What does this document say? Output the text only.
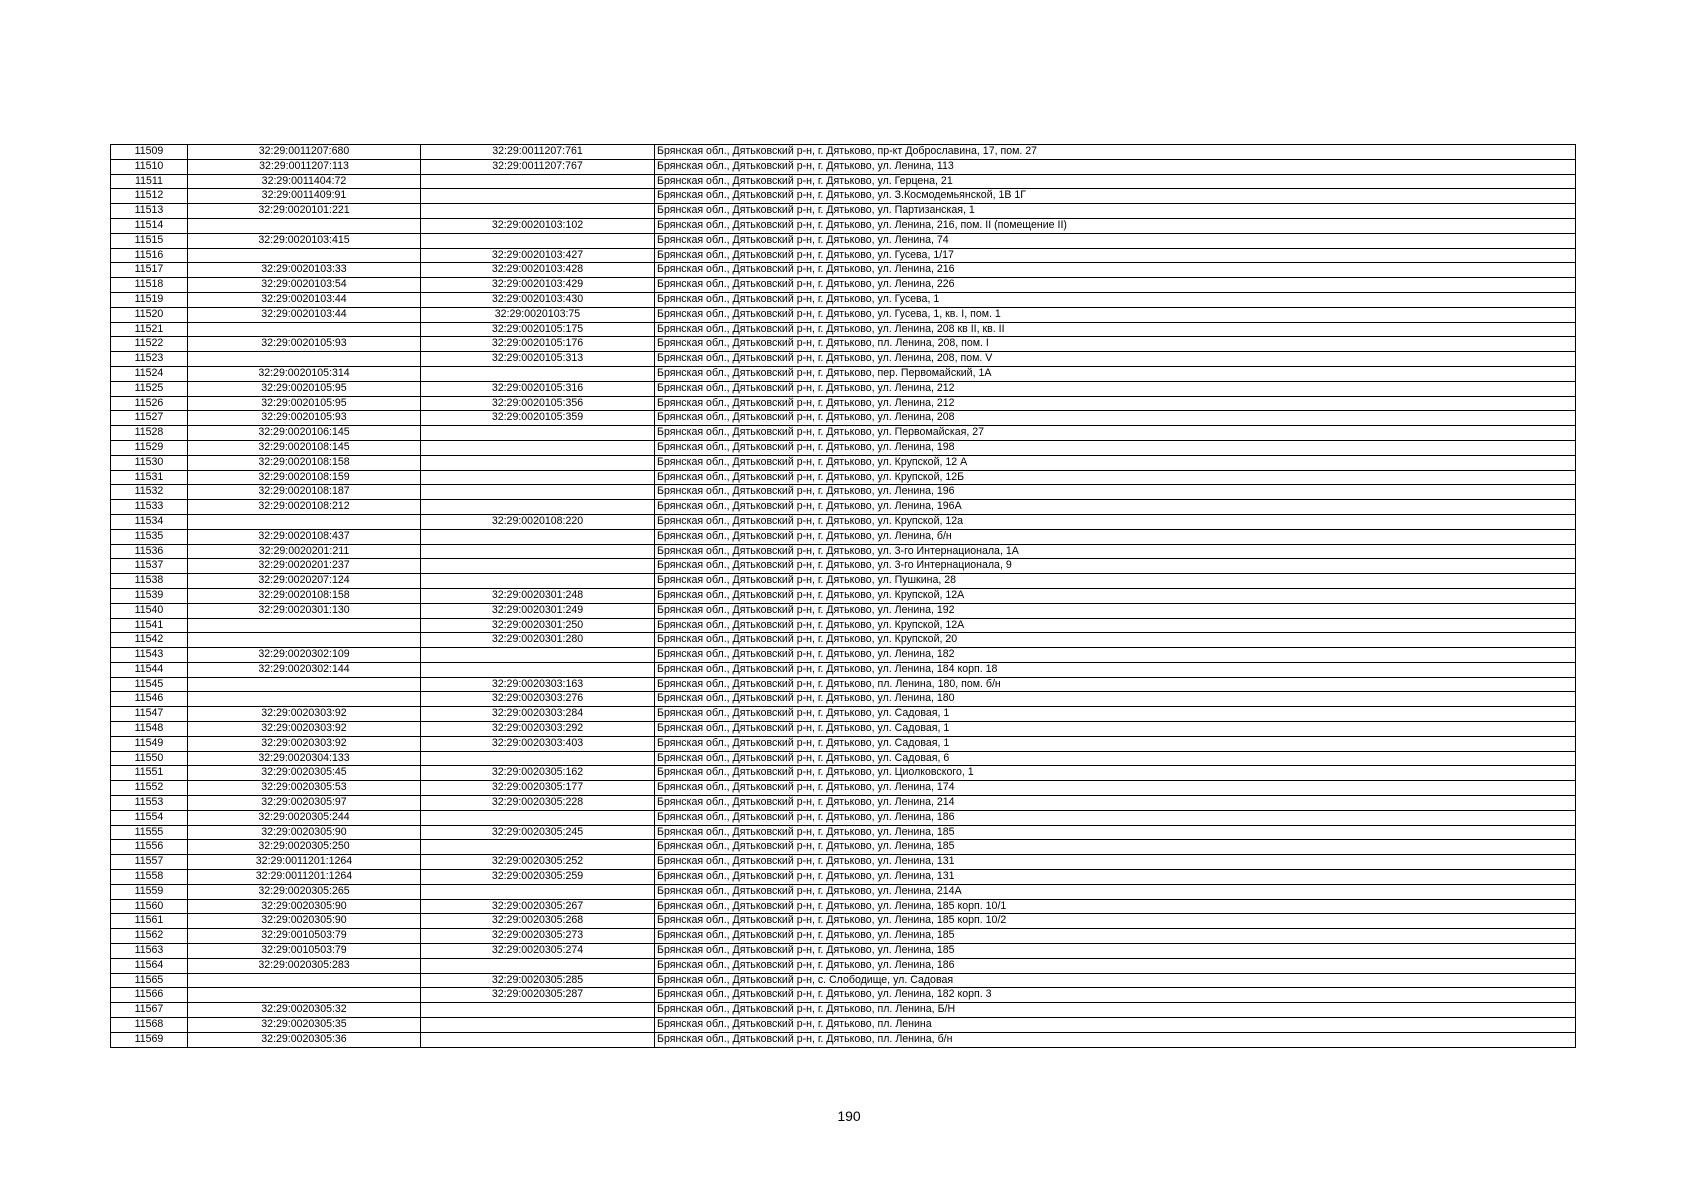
11509	32:29:0011207:680	32:29:0011207:761	Брянская обл., Дятьковский р-н, г. Дятьково, пр-кт Доброславина, 17, пом. 27
11510	32:29:0011207:113	32:29:0011207:767	Брянская обл., Дятьковский р-н, г. Дятьково, ул. Ленина, 113
11511	32:29:0011404:72		Брянская обл., Дятьковский р-н, г. Дятьково, ул. Герцена, 21
11512	32:29:0011409:91		Брянская обл., Дятьковский р-н, г. Дятьково, ул. З.Космодемьянской, 1В 1Г
11513	32:29:0020101:221		Брянская обл., Дятьковский р-н, г. Дятьково, ул. Партизанская, 1
11514		32:29:0020103:102	Брянская обл., Дятьковский р-н, г. Дятьково, ул. Ленина, 216, пом. II (помещение II)
11515	32:29:0020103:415		Брянская обл., Дятьковский р-н, г. Дятьково, ул. Ленина, 74
11516		32:29:0020103:427	Брянская обл., Дятьковский р-н, г. Дятьково, ул. Гусева, 1/17
11517	32:29:0020103:33	32:29:0020103:428	Брянская обл., Дятьковский р-н, г. Дятьково, ул. Ленина, 216
11518	32:29:0020103:54	32:29:0020103:429	Брянская обл., Дятьковский р-н, г. Дятьково, ул. Ленина, 226
11519	32:29:0020103:44	32:29:0020103:430	Брянская обл., Дятьковский р-н, г. Дятьково, ул. Гусева, 1
11520	32:29:0020103:44	32:29:0020103:75	Брянская обл., Дятьковский р-н, г. Дятьково, ул. Гусева, 1, кв. I, пом. 1
11521		32:29:0020105:175	Брянская обл., Дятьковский р-н, г. Дятьково, ул. Ленина, 208 кв II, кв. II
11522	32:29:0020105:93	32:29:0020105:176	Брянская обл., Дятьковский р-н, г. Дятьково, пл. Ленина, 208, пом. I
11523		32:29:0020105:313	Брянская обл., Дятьковский р-н, г. Дятьково, ул. Ленина, 208, пом. V
11524	32:29:0020105:314		Брянская обл., Дятьковский р-н, г. Дятьково, пер. Первомайский, 1А
11525	32:29:0020105:95	32:29:0020105:316	Брянская обл., Дятьковский р-н, г. Дятьково, ул. Ленина, 212
11526	32:29:0020105:95	32:29:0020105:356	Брянская обл., Дятьковский р-н, г. Дятьково, ул. Ленина, 212
11527	32:29:0020105:93	32:29:0020105:359	Брянская обл., Дятьковский р-н, г. Дятьково, ул. Ленина, 208
11528	32:29:0020106:145		Брянская обл., Дятьковский р-н, г. Дятьково, ул. Первомайская, 27
11529	32:29:0020108:145		Брянская обл., Дятьковский р-н, г. Дятьково, ул. Ленина, 198
11530	32:29:0020108:158		Брянская обл., Дятьковский р-н, г. Дятьково, ул. Крупской, 12 А
11531	32:29:0020108:159		Брянская обл., Дятьковский р-н, г. Дятьково, ул. Крупской, 12Б
11532	32:29:0020108:187		Брянская обл., Дятьковский р-н, г. Дятьково, ул. Ленина, 196
11533	32:29:0020108:212		Брянская обл., Дятьковский р-н, г. Дятьково, ул. Ленина, 196А
11534		32:29:0020108:220	Брянская обл., Дятьковский р-н, г. Дятьково, ул. Крупской, 12а
11535	32:29:0020108:437		Брянская обл., Дятьковский р-н, г. Дятьково, ул. Ленина, б/н
11536	32:29:0020201:211		Брянская обл., Дятьковский р-н, г. Дятьково, ул. 3-го Интернационала, 1А
11537	32:29:0020201:237		Брянская обл., Дятьковский р-н, г. Дятьково, ул. 3-го Интернационала, 9
11538	32:29:0020207:124		Брянская обл., Дятьковский р-н, г. Дятьково, ул. Пушкина, 28
11539	32:29:0020108:158	32:29:0020301:248	Брянская обл., Дятьковский р-н, г. Дятьково, ул. Крупской, 12А
11540	32:29:0020301:130	32:29:0020301:249	Брянская обл., Дятьковский р-н, г. Дятьково, ул. Ленина, 192
11541		32:29:0020301:250	Брянская обл., Дятьковский р-н, г. Дятьково, ул. Крупской, 12А
11542		32:29:0020301:280	Брянская обл., Дятьковский р-н, г. Дятьково, ул. Крупской, 20
11543	32:29:0020302:109		Брянская обл., Дятьковский р-н, г. Дятьково, ул. Ленина, 182
11544	32:29:0020302:144		Брянская обл., Дятьковский р-н, г. Дятьково, ул. Ленина, 184 корп. 18
11545		32:29:0020303:163	Брянская обл., Дятьковский р-н, г. Дятьково, пл. Ленина, 180, пом. б/н
11546		32:29:0020303:276	Брянская обл., Дятьковский р-н, г. Дятьково, ул. Ленина, 180
11547	32:29:0020303:92	32:29:0020303:284	Брянская обл., Дятьковский р-н, г. Дятьково, ул. Садовая, 1
11548	32:29:0020303:92	32:29:0020303:292	Брянская обл., Дятьковский р-н, г. Дятьково, ул. Садовая, 1
11549	32:29:0020303:92	32:29:0020303:403	Брянская обл., Дятьковский р-н, г. Дятьково, ул. Садовая, 1
11550	32:29:0020304:133		Брянская обл., Дятьковский р-н, г. Дятьково, ул. Садовая, 6
11551	32:29:0020305:45	32:29:0020305:162	Брянская обл., Дятьковский р-н, г. Дятьково, ул. Циолковского, 1
11552	32:29:0020305:53	32:29:0020305:177	Брянская обл., Дятьковский р-н, г. Дятьково, ул. Ленина, 174
11553	32:29:0020305:97	32:29:0020305:228	Брянская обл., Дятьковский р-н, г. Дятьково, ул. Ленина, 214
11554	32:29:0020305:244		Брянская обл., Дятьковский р-н, г. Дятьково, ул. Ленина, 186
11555	32:29:0020305:90	32:29:0020305:245	Брянская обл., Дятьковский р-н, г. Дятьково, ул. Ленина, 185
11556	32:29:0020305:250		Брянская обл., Дятьковский р-н, г. Дятьково, ул. Ленина, 185
11557	32:29:0011201:1264	32:29:0020305:252	Брянская обл., Дятьковский р-н, г. Дятьково, ул. Ленина, 131
11558	32:29:0011201:1264	32:29:0020305:259	Брянская обл., Дятьковский р-н, г. Дятьково, ул. Ленина, 131
11559	32:29:0020305:265		Брянская обл., Дятьковский р-н, г. Дятьково, ул. Ленина, 214А
11560	32:29:0020305:90	32:29:0020305:267	Брянская обл., Дятьковский р-н, г. Дятьково, ул. Ленина, 185 корп. 10/1
11561	32:29:0020305:90	32:29:0020305:268	Брянская обл., Дятьковский р-н, г. Дятьково, ул. Ленина, 185 корп. 10/2
11562	32:29:0010503:79	32:29:0020305:273	Брянская обл., Дятьковский р-н, г. Дятьково, ул. Ленина, 185
11563	32:29:0010503:79	32:29:0020305:274	Брянская обл., Дятьковский р-н, г. Дятьково, ул. Ленина, 185
11564	32:29:0020305:283		Брянская обл., Дятьковский р-н, г. Дятьково, ул. Ленина, 186
11565		32:29:0020305:285	Брянская обл., Дятьковский р-н, с. Слободище, ул. Садовая
11566		32:29:0020305:287	Брянская обл., Дятьковский р-н, г. Дятьково, ул. Ленина, 182 корп. 3
11567	32:29:0020305:32		Брянская обл., Дятьковский р-н, г. Дятьково, пл. Ленина, Б/Н
11568	32:29:0020305:35		Брянская обл., Дятьковский р-н, г. Дятьково, пл. Ленина
11569	32:29:0020305:36		Брянская обл., Дятьковский р-н, г. Дятьково, пл. Ленина, б/н
190
